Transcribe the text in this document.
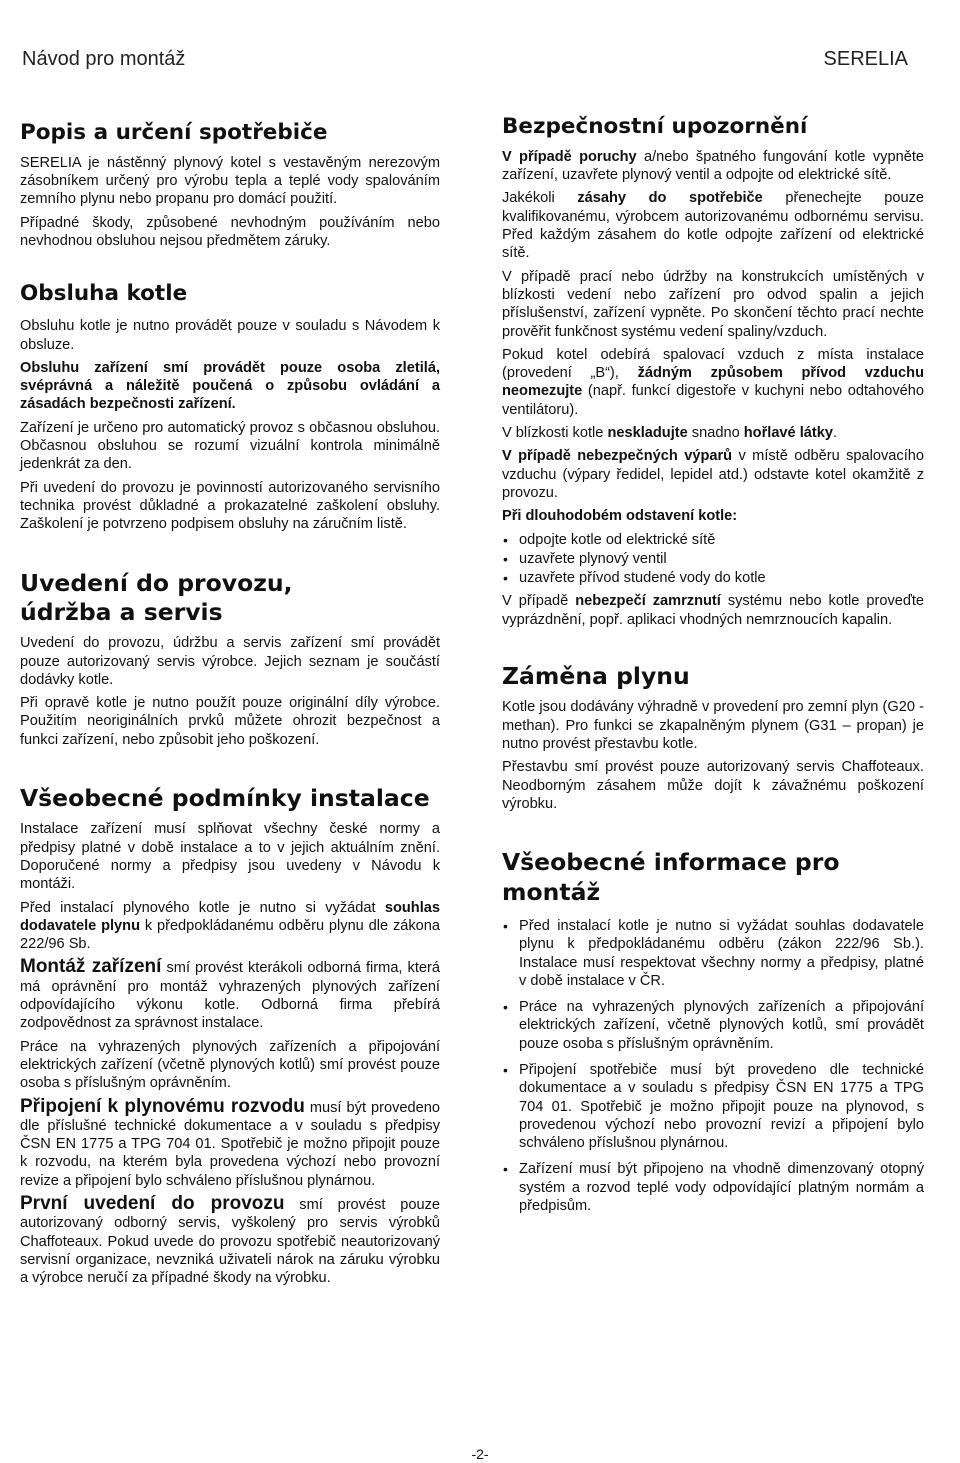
Návod pro montáž	SERELIA
Popis a určení spotřebiče

SERELIA je nástěnný plynový kotel s vestavěným nerezovým zásobníkem určený pro výrobu tepla a teplé vody spalováním zemního plynu nebo propanu pro domácí použití.

Případné škody, způsobené nevhodným používáním nebo nevhodnou obsluhou nejsou předmětem záruky.

Obsluha kotle

Obsluhu kotle je nutno provádět pouze v souladu s Návodem k obsluze.

Obsluhu zařízení smí provádět pouze osoba zletilá, svéprávná a náležitě poučená o způsobu ovládání a zásadách bezpečnosti zařízení.

Zařízení je určeno pro automatický provoz s občasnou obsluhou. Občasnou obsluhou se rozumí vizuální kontrola minimálně jedenkrát za den.

Při uvedení do provozu je povinností autorizovaného servisního technika provést důkladné a prokazatelné zaškolení obsluhy. Zaškolení je potvrzeno podpisem obsluhy na záručním listě.

Uvedení do provozu, údržba a servis

Uvedení do provozu, údržbu a servis zařízení smí provádět pouze autorizovaný servis výrobce. Jejich seznam je součástí dodávky kotle.

Při opravě kotle je nutno použít pouze originální díly výrobce. Použitím neoriginálních prvků můžete ohrozit bezpečnost a funkci zařízení, nebo způsobit jeho poškození.

Všeobecné podmínky instalace

Instalace zařízení musí splňovat všechny české normy a předpisy platné v době instalace a to v jejich aktuálním znění. Doporučené normy a předpisy jsou uvedeny v Návodu k montáži.

Před instalací plynového kotle je nutno si vyžádat souhlas dodavatele plynu k předpokládanému odběru plynu dle zákona 222/96 Sb.

Montáž zařízení smí provést kterákoli odborná firma, která má oprávnění pro montáž vyhrazených plynových zařízení odpovídajícího výkonu kotle. Odborná firma přebírá zodpovědnost za správnost instalace.

Práce na vyhrazených plynových zařízeních a připojování elektrických zařízení (včetně plynových kotlů) smí provést pouze osoba s příslušným oprávněním.

Připojení k plynovému rozvodu musí být provedeno dle příslušné technické dokumentace a v souladu s předpisy ČSN EN 1775 a TPG 704 01. Spotřebič je možno připojit pouze k rozvodu, na kterém byla provedena výchozí nebo provozní revize a připojení bylo schváleno příslušnou plynárnou.

První uvedení do provozu smí provést pouze autorizovaný odborný servis, vyškolený pro servis výrobků Chaffoteaux. Pokud uvede do provozu spotřebič neautorizovaný servisní organizace, nevzniká uživateli nárok na záruku výrobku a výrobce neručí za případné škody na výrobku.

Bezpečnostní upozornění

V případě poruchy a/nebo špatného fungování kotle vypněte zařízení, uzavřete plynový ventil a odpojte od elektrické sítě.

Jakékoli zásahy do spotřebiče přenechejte pouze kvalifikovanému, výrobcem autorizovanému odbornému servisu. Před každým zásahem do kotle odpojte zařízení od elektrické sítě.

V případě prací nebo údržby na konstrukcích umístěných v blízkosti vedení nebo zařízení pro odvod spalin a jejich příslušenství, zařízení vypněte. Po skončení těchto prací nechte prověřit funkčnost systému vedení spaliny/vzduch.

Pokud kotel odebírá spalovací vzduch z místa instalace (provedení „B“), žádným způsobem přívod vzduchu neomezujte (např. funkcí digestoře v kuchyni nebo odtahového ventilátoru).

V blízkosti kotle neskladujte snadno hořlavé látky.

V případě nebezpečných výparů v místě odběru spalovacího vzduchu (výpary ředidel, lepidel atd.) odstavte kotel okamžitě z provozu.

Při dlouhodobém odstavení kotle:

• odpojte kotle od elektrické sítě
• uzavřete plynový ventil
• uzavřete přívod studené vody do kotle

V případě nebezpečí zamrznutí systému nebo kotle proveďte vyprázdnění, popř. aplikaci vhodných nemrznoucích kapalin.

Záměna plynu

Kotle jsou dodávány výhradně v provedení pro zemní plyn (G20 - methan). Pro funkci se zkapalněným plynem (G31 – propan) je nutno provést přestavbu kotle.

Přestavbu smí provést pouze autorizovaný servis Chaffoteaux. Neodborným zásahem může dojít k závažnému poškození výrobku.

Všeobecné informace pro montáž
• Před instalací kotle je nutno si vyžádat souhlas dodavatele plynu k předpokládanému odběru (zákon 222/96 Sb.). Instalace musí respektovat všechny normy a předpisy, platné v době instalace v ČR.
• Práce na vyhrazených plynových zařízeních a připojování elektrických zařízení, včetně plynových kotlů, smí provádět pouze osoba s příslušným oprávněním.
• Připojení spotřebiče musí být provedeno dle technické dokumentace a v souladu s předpisy ČSN EN 1775 a TPG 704 01. Spotřebič je možno připojit pouze na plynovod, s provedenou výchozí nebo provozní revizí a připojení bylo schváleno příslušnou plynárnou.
• Zařízení musí být připojeno na vhodně dimenzovaný otopný systém a rozvod teplé vody odpovídající platným normám a předpisům.
-2-
